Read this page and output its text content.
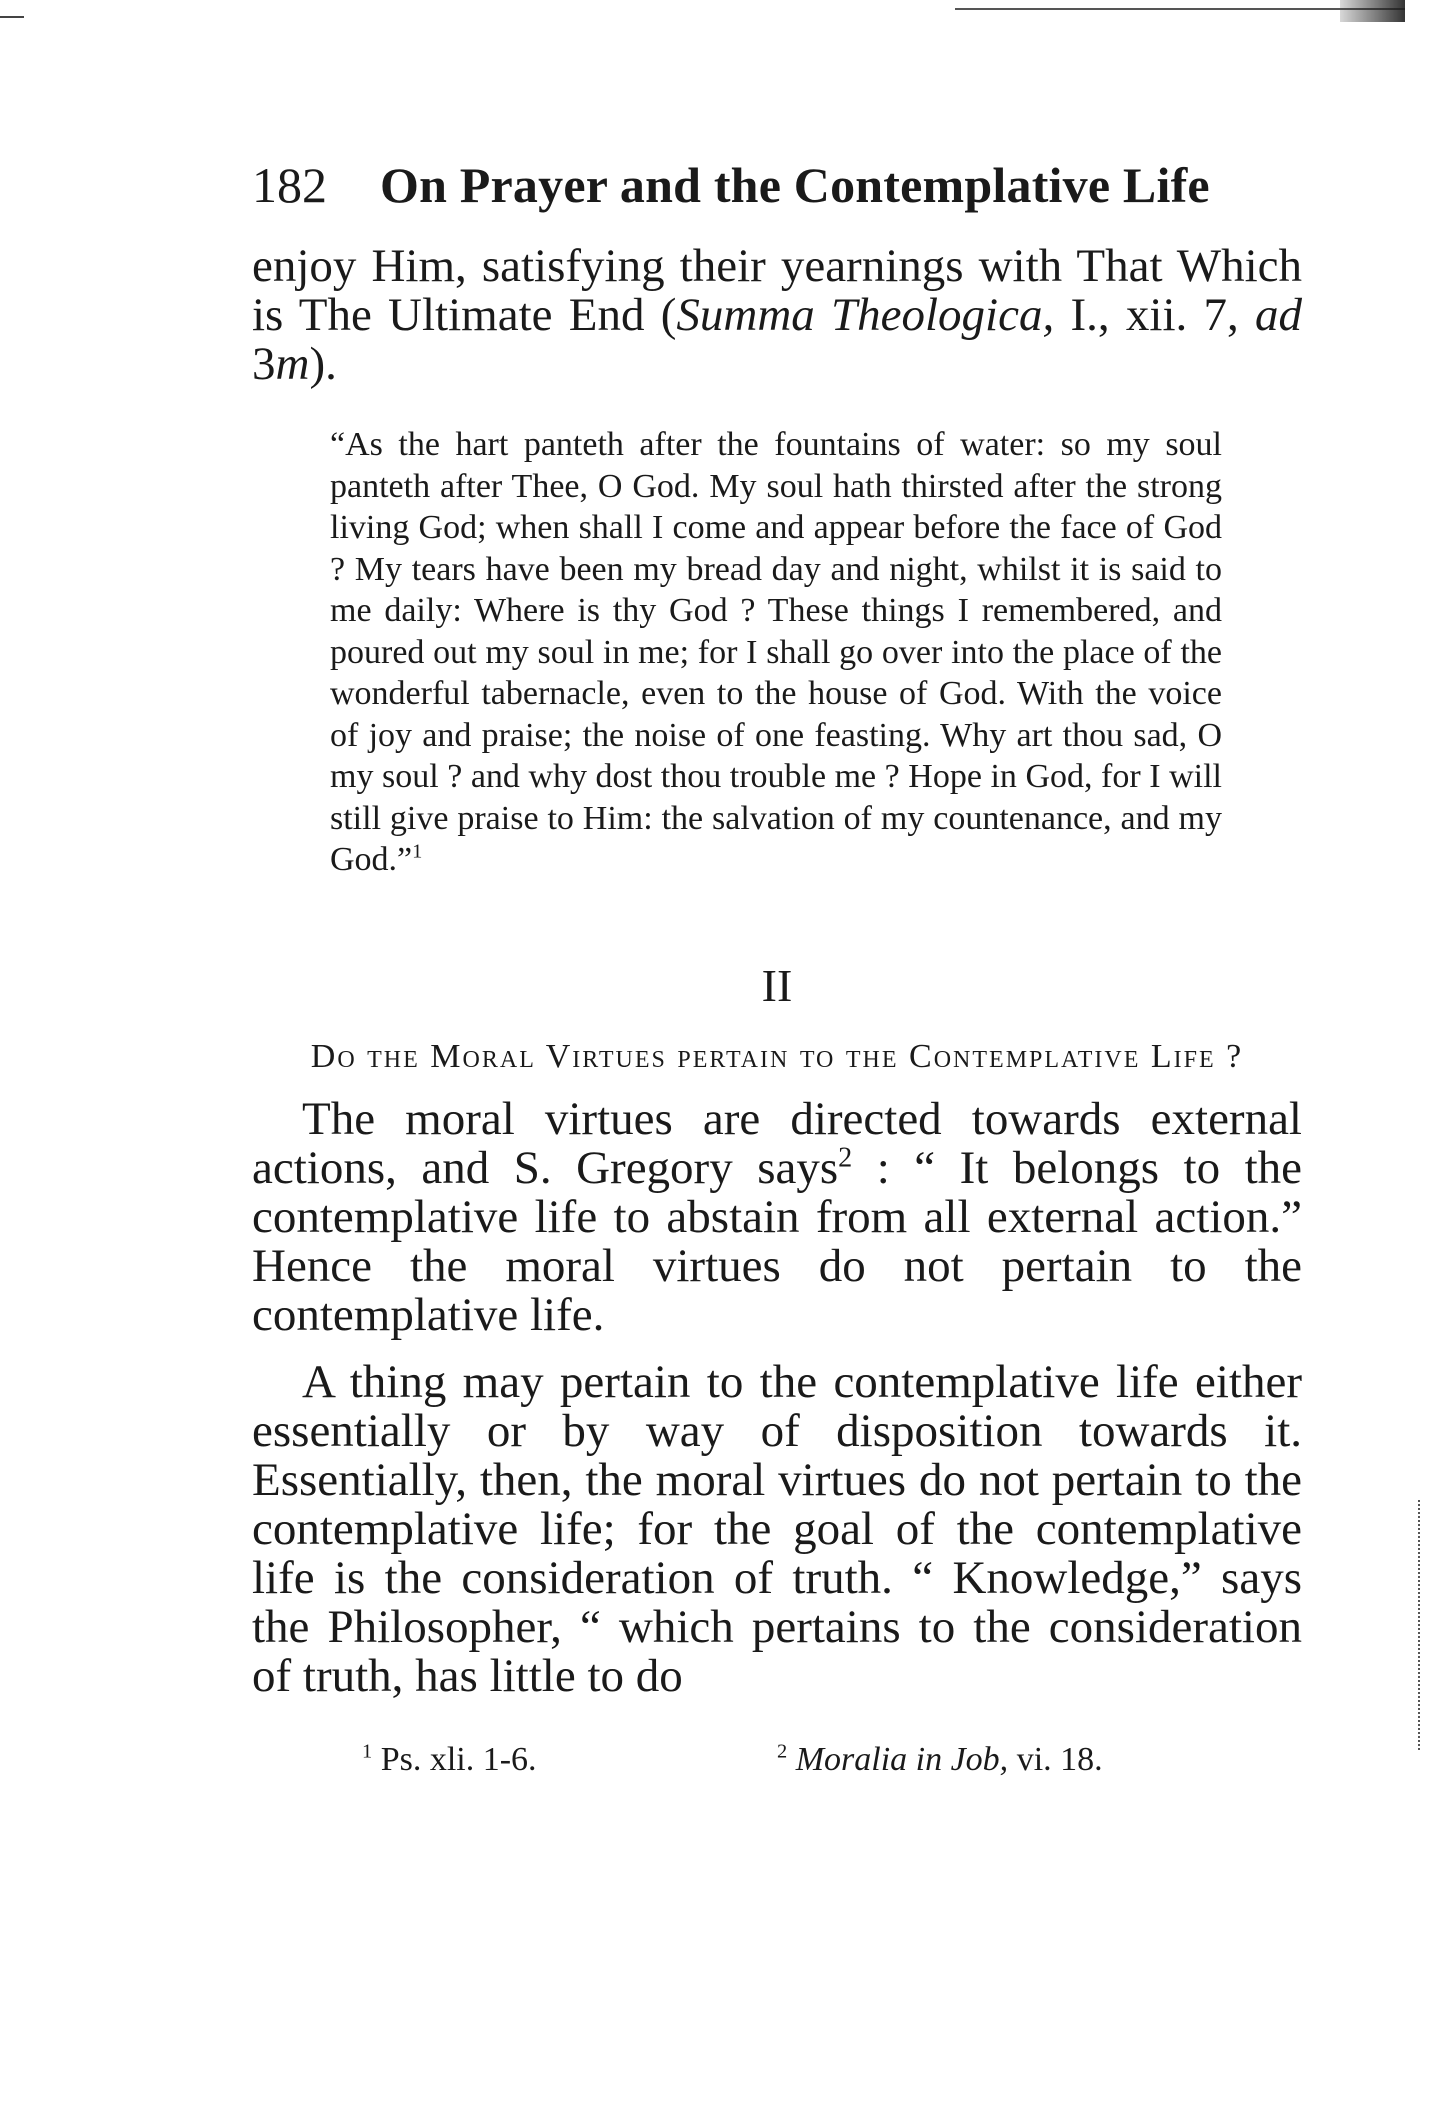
182 On Prayer and the Contemplative Life
enjoy Him, satisfying their yearnings with That Which is The Ultimate End (Summa Theologica, I., xii. 7, ad 3m).
“As the hart panteth after the fountains of water: so my soul panteth after Thee, O God. My soul hath thirsted after the strong living God; when shall I come and appear before the face of God ? My tears have been my bread day and night, whilst it is said to me daily: Where is thy God ? These things I remembered, and poured out my soul in me; for I shall go over into the place of the wonderful tabernacle, even to the house of God. With the voice of joy and praise; the noise of one feasting. Why art thou sad, O my soul ? and why dost thou trouble me ? Hope in God, for I will still give praise to Him: the salvation of my countenance, and my God.”$^1$
II
Do the Moral Virtues pertain to the Contemplative Life ?
The moral virtues are directed towards external actions, and S. Gregory says$^2$ : “ It belongs to the contemplative life to abstain from all external action.” Hence the moral virtues do not pertain to the contemplative life.
A thing may pertain to the contemplative life either essentially or by way of disposition towards it. Essentially, then, the moral virtues do not pertain to the contemplative life; for the goal of the contemplative life is the consideration of truth. “ Knowledge,” says the Philosopher, “ which pertains to the consideration of truth, has little to do
$^1$ Ps. xli. 1-6.	$^2$ Moralia in Job, vi. 18.
